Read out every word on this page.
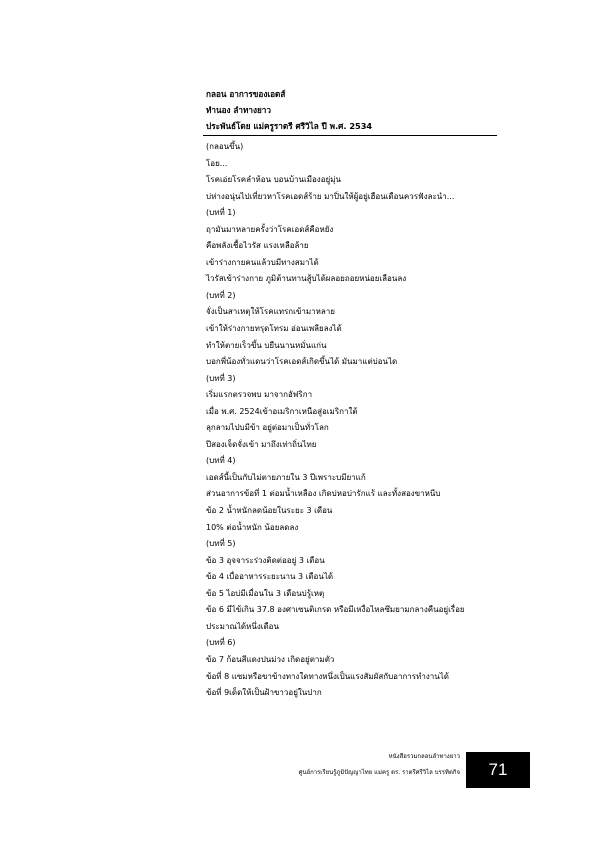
กลอน อาการของเอดส์
ทำนอง ลำทางยาว
ประพันธ์โดย แม่ครูราตรี ศรีวิไล ปี พ.ศ. 2534
(กลอนขึ้น)
โอย...
โรคเอ่ยโรคลำห้อน บอนบ้านเมืองอยู่มุ่น
บ่ห่างอนุ่นไปเที่ยวหาโรคเอดส์ร้าย มาปิ่นให้ผู้อยู่เฮือนเดือนควรฟังละนำ...
(บทที่ 1)
ฤามันมาหลายครั้งว่าโรคเอดส์คือหยัง
คือพลังเชื้อไวรัส แรงเหลือล้าย
เข้าร่างกายคนแล้วบมีทางสมาได้
ไวรัสเข้าร่างกาย ภูมิต้านทานสู้บได้ผลอยถอยหน่อยเลือนลง
(บทที่ 2)
จั่งเป็นสาเหตุให้โรคแทรกเข้ามาหลาย
เข้าให้ร่างกายทรุดโทรม อ่อนเพลียลงได้
ทำให้ตายเร็วขึ้น บยืนนานหมั่นแก่น
บอกพี่น้องทั่วแดนว่าโรคเอดส์เกิดขึ้นได้ มันมาแต่บ่อนได
(บทที่ 3)
เริ่มแรกตรวจพบ มาจากอัฟริกา
เมื่อ พ.ศ. 2524เข้าอเมริกาเหนือสู่อเมริกาใต้
ลุกลามไปบมีข้า อยู่ต่อมาเป็นทั่วโลก
ปีสองเจ็ดจั่งเข้า มาถึงเท่าถิ่นไทย
(บทที่ 4)
เอดส์นี้เป็นกับไม่ตายภายใน 3 ปีเพราะบมียาแก้
ส่วนอาการข้อที่ 1 ต่อมน้ำเหลือง เกิดบ่หอบ่ารักแร้ และทั้งสองขาหนีบ
ข้อ 2 น้ำหนักลดน้อยในระยะ 3 เดือน
10% ต่อน้ำหนัก น้อยลดลง
(บทที่ 5)
ข้อ 3 อุจจาระร่วงติดต่ออยู่ 3 เดือน
ข้อ 4 เบื่ออาหารระยะนาน 3 เดือนได้
ข้อ 5 ไอบ่มีเมื่อนใน 3 เดือนบ่รู้เหตุ
ข้อ 6 มีไข้เกิน 37.8 องศาเซนติเกรด หรือมีเหงื่อไหลซึมยามกลางคืนอยู่เรื่อย
ประมาณได้หนึ่งเดือน
(บทที่ 6)
ข้อ 7 ก้อนสีแดงปนม่วง เกิดอยู่ตามตัว
ข้อที่ 8 แซมหรือขาข้างทางใดทางหนึ่งเป็นแรงสัมผัสกับอาการทำงานได้
ข้อที่ 9เด็ดให้เป็นฝ้าขาวอยู่ในปาก
หนังสือรวมกลอนลำทางยาว
ศูนย์การเรียนรู้ภูมิปัญญาไทย แม่ครู ดร. ราตรีศรีวิไล บรรทิตกิจ 71
